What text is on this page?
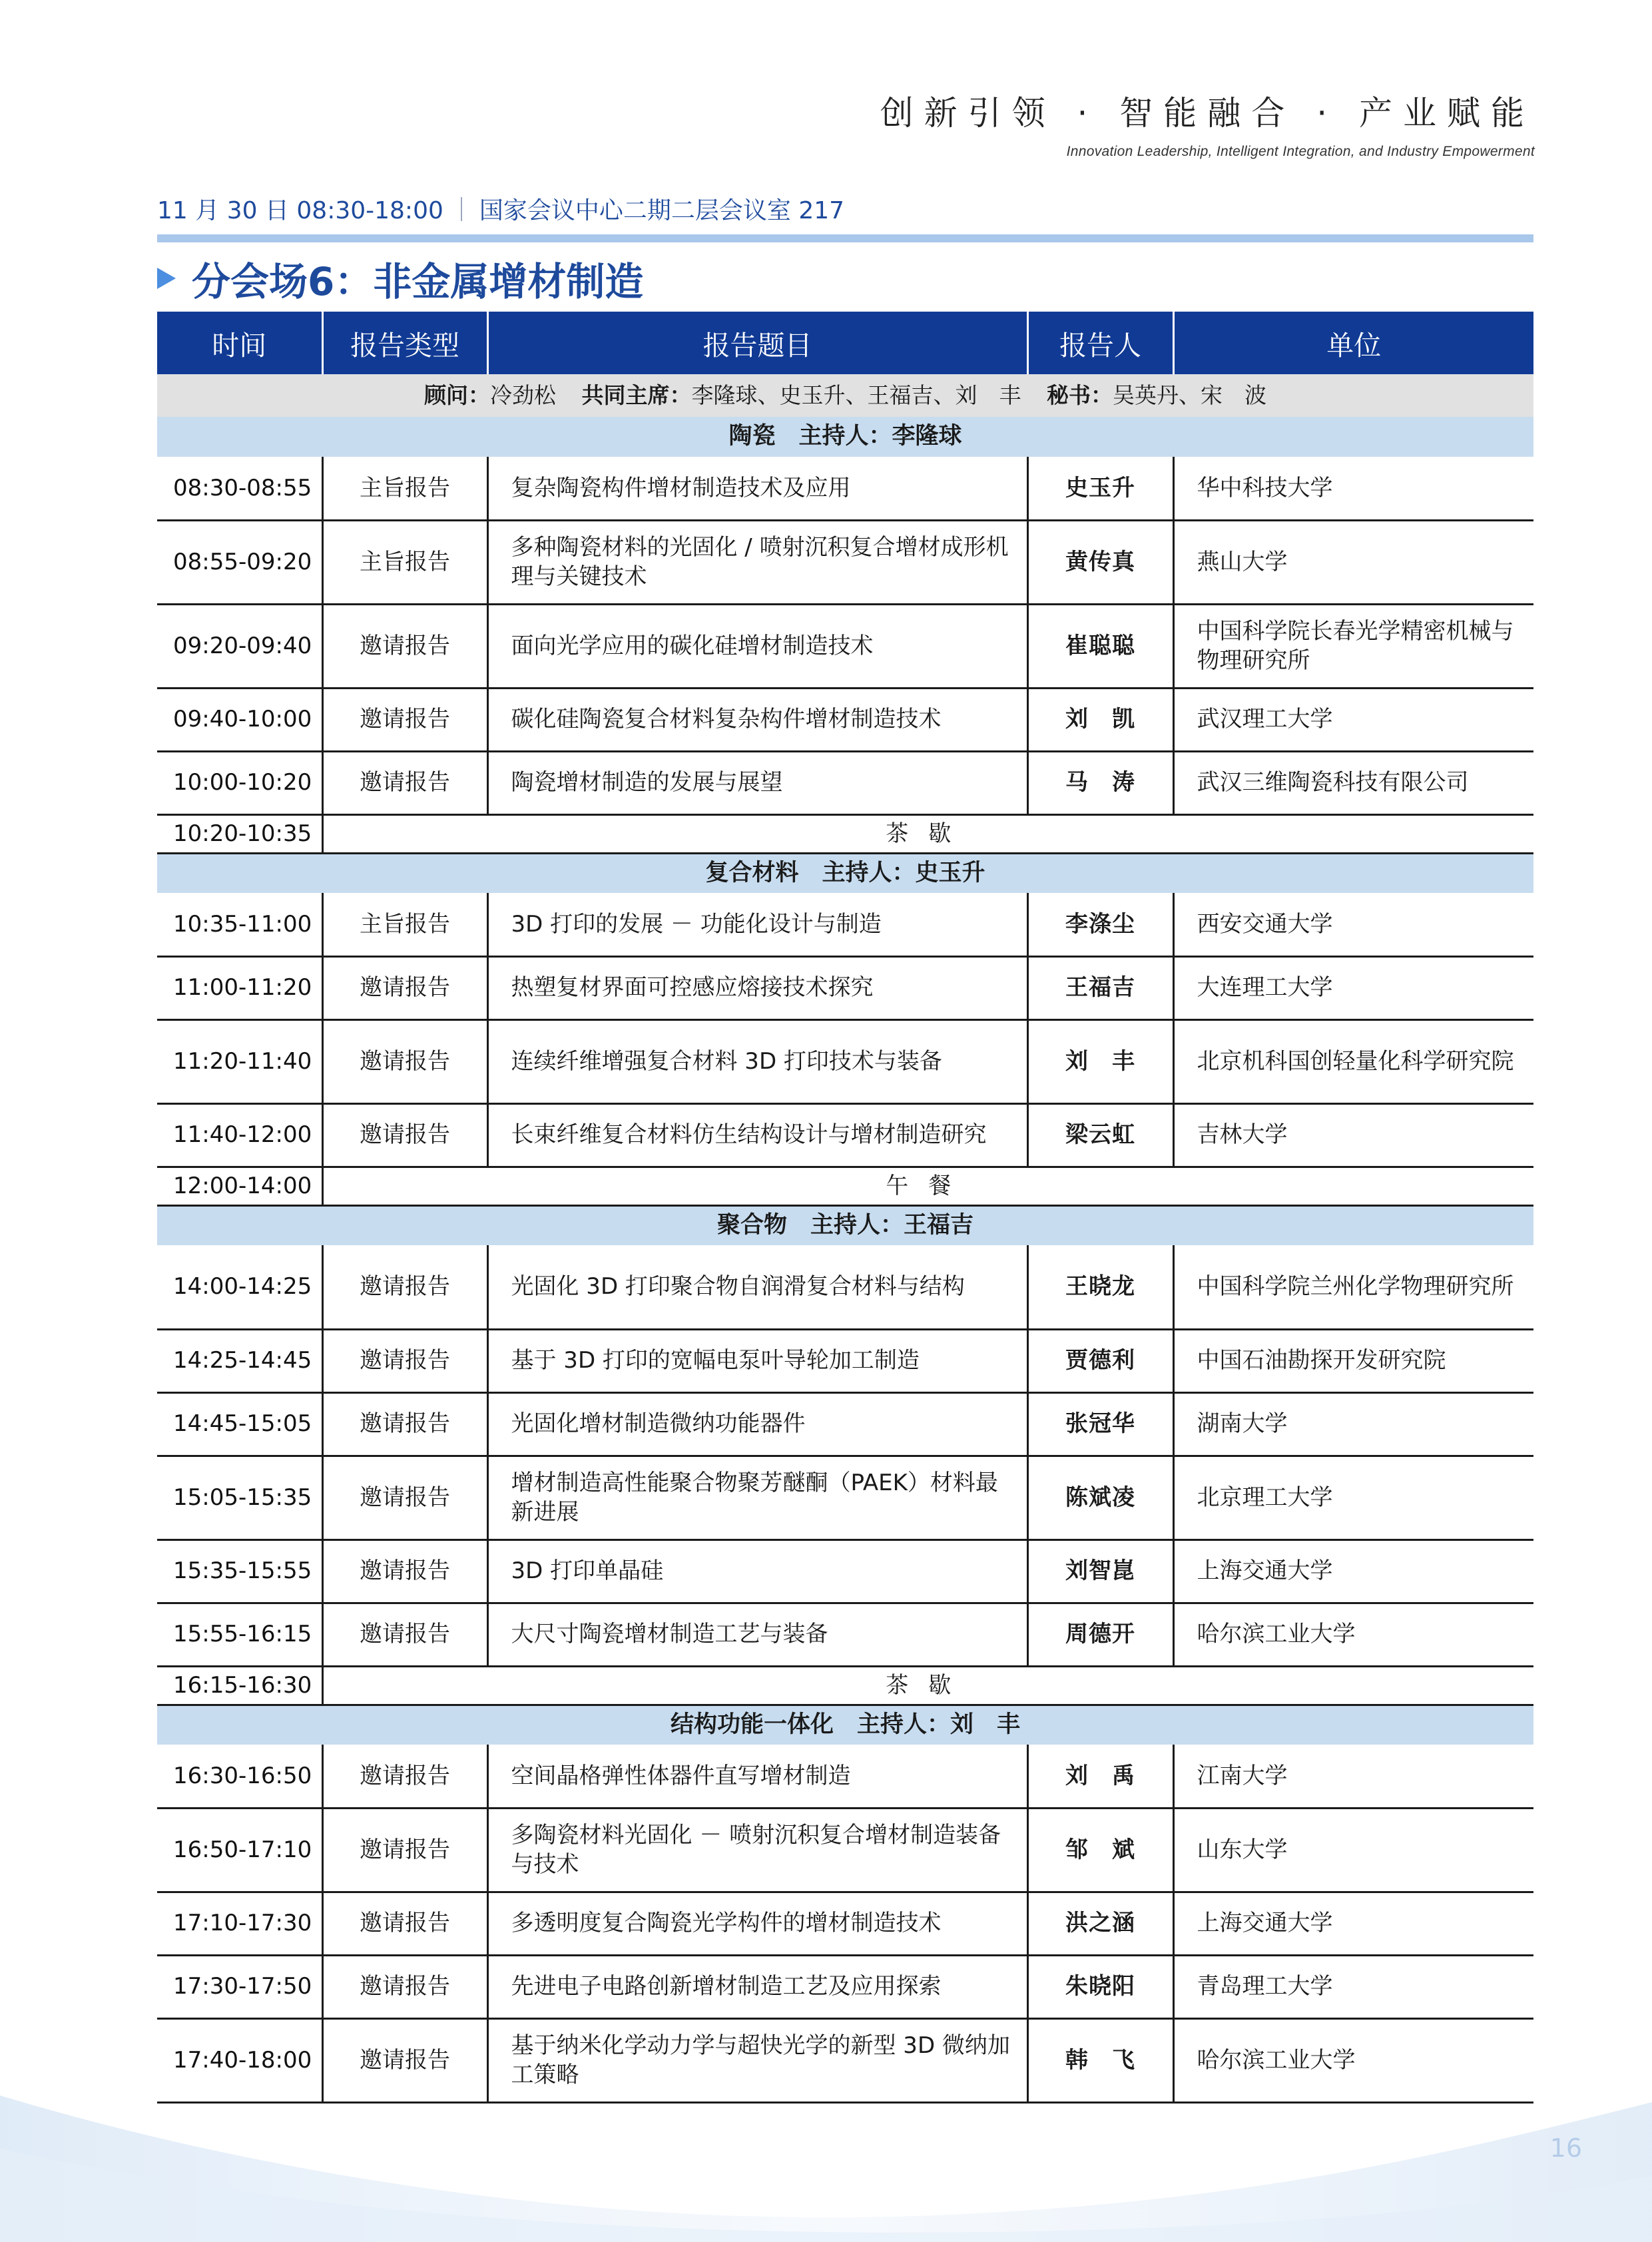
创新引领 · 智能融合 · 产业赋能
Innovation Leadership, Intelligent Integration, and Industry Empowerment
11 月 30 日 08:30-18:00 国家会议中心二期二层会议室 217
分会场6：非金属增材制造
时间	报告类型	报告题目	报告人	单位
顾问：冷劲松 共同主席：李隆球、史玉升、王福吉、刘　丰 秘书：吴英丹、宋　波				
陶瓷　主持人：李隆球				
08:30-08:55	主旨报告	复杂陶瓷构件增材制造技术及应用	史玉升	华中科技大学
08:55-09:20	主旨报告	多种陶瓷材料的光固化 / 喷射沉积复合增材成形机理与关键技术	黄传真	燕山大学
09:20-09:40	邀请报告	面向光学应用的碳化硅增材制造技术	崔聪聪	中国科学院长春光学精密机械与物理研究所
09:40-10:00	邀请报告	碳化硅陶瓷复合材料复杂构件增材制造技术	刘　凯	武汉理工大学
10:00-10:20	邀请报告	陶瓷增材制造的发展与展望	马　涛	武汉三维陶瓷科技有限公司
10:20-10:35	茶歇			
复合材料　主持人：史玉升				
10:35-11:00	主旨报告	3D 打印的发展 － 功能化设计与制造	李涤尘	西安交通大学
11:00-11:20	邀请报告	热塑复材界面可控感应熔接技术探究	王福吉	大连理工大学
11:20-11:40	邀请报告	连续纤维增强复合材料 3D 打印技术与装备	刘　丰	北京机科国创轻量化科学研究院
11:40-12:00	邀请报告	长束纤维复合材料仿生结构设计与增材制造研究	梁云虹	吉林大学
12:00-14:00	午餐			
聚合物　主持人：王福吉				
14:00-14:25	邀请报告	光固化 3D 打印聚合物自润滑复合材料与结构	王晓龙	中国科学院兰州化学物理研究所
14:25-14:45	邀请报告	基于 3D 打印的宽幅电泵叶导轮加工制造	贾德利	中国石油勘探开发研究院
14:45-15:05	邀请报告	光固化增材制造微纳功能器件	张冠华	湖南大学
15:05-15:35	邀请报告	增材制造高性能聚合物聚芳醚酮（PAEK）材料最新进展	陈斌凌	北京理工大学
15:35-15:55	邀请报告	3D 打印单晶硅	刘智崑	上海交通大学
15:55-16:15	邀请报告	大尺寸陶瓷增材制造工艺与装备	周德开	哈尔滨工业大学
16:15-16:30	茶歇			
结构功能一体化　主持人：刘　丰				
16:30-16:50	邀请报告	空间晶格弹性体器件直写增材制造	刘　禹	江南大学
16:50-17:10	邀请报告	多陶瓷材料光固化 － 喷射沉积复合增材制造装备与技术	邹　斌	山东大学
17:10-17:30	邀请报告	多透明度复合陶瓷光学构件的增材制造技术	洪之涵	上海交通大学
17:30-17:50	邀请报告	先进电子电路创新增材制造工艺及应用探索	朱晓阳	青岛理工大学
17:40-18:00	邀请报告	基于纳米化学动力学与超快光学的新型 3D 微纳加工策略	韩　飞	哈尔滨工业大学
